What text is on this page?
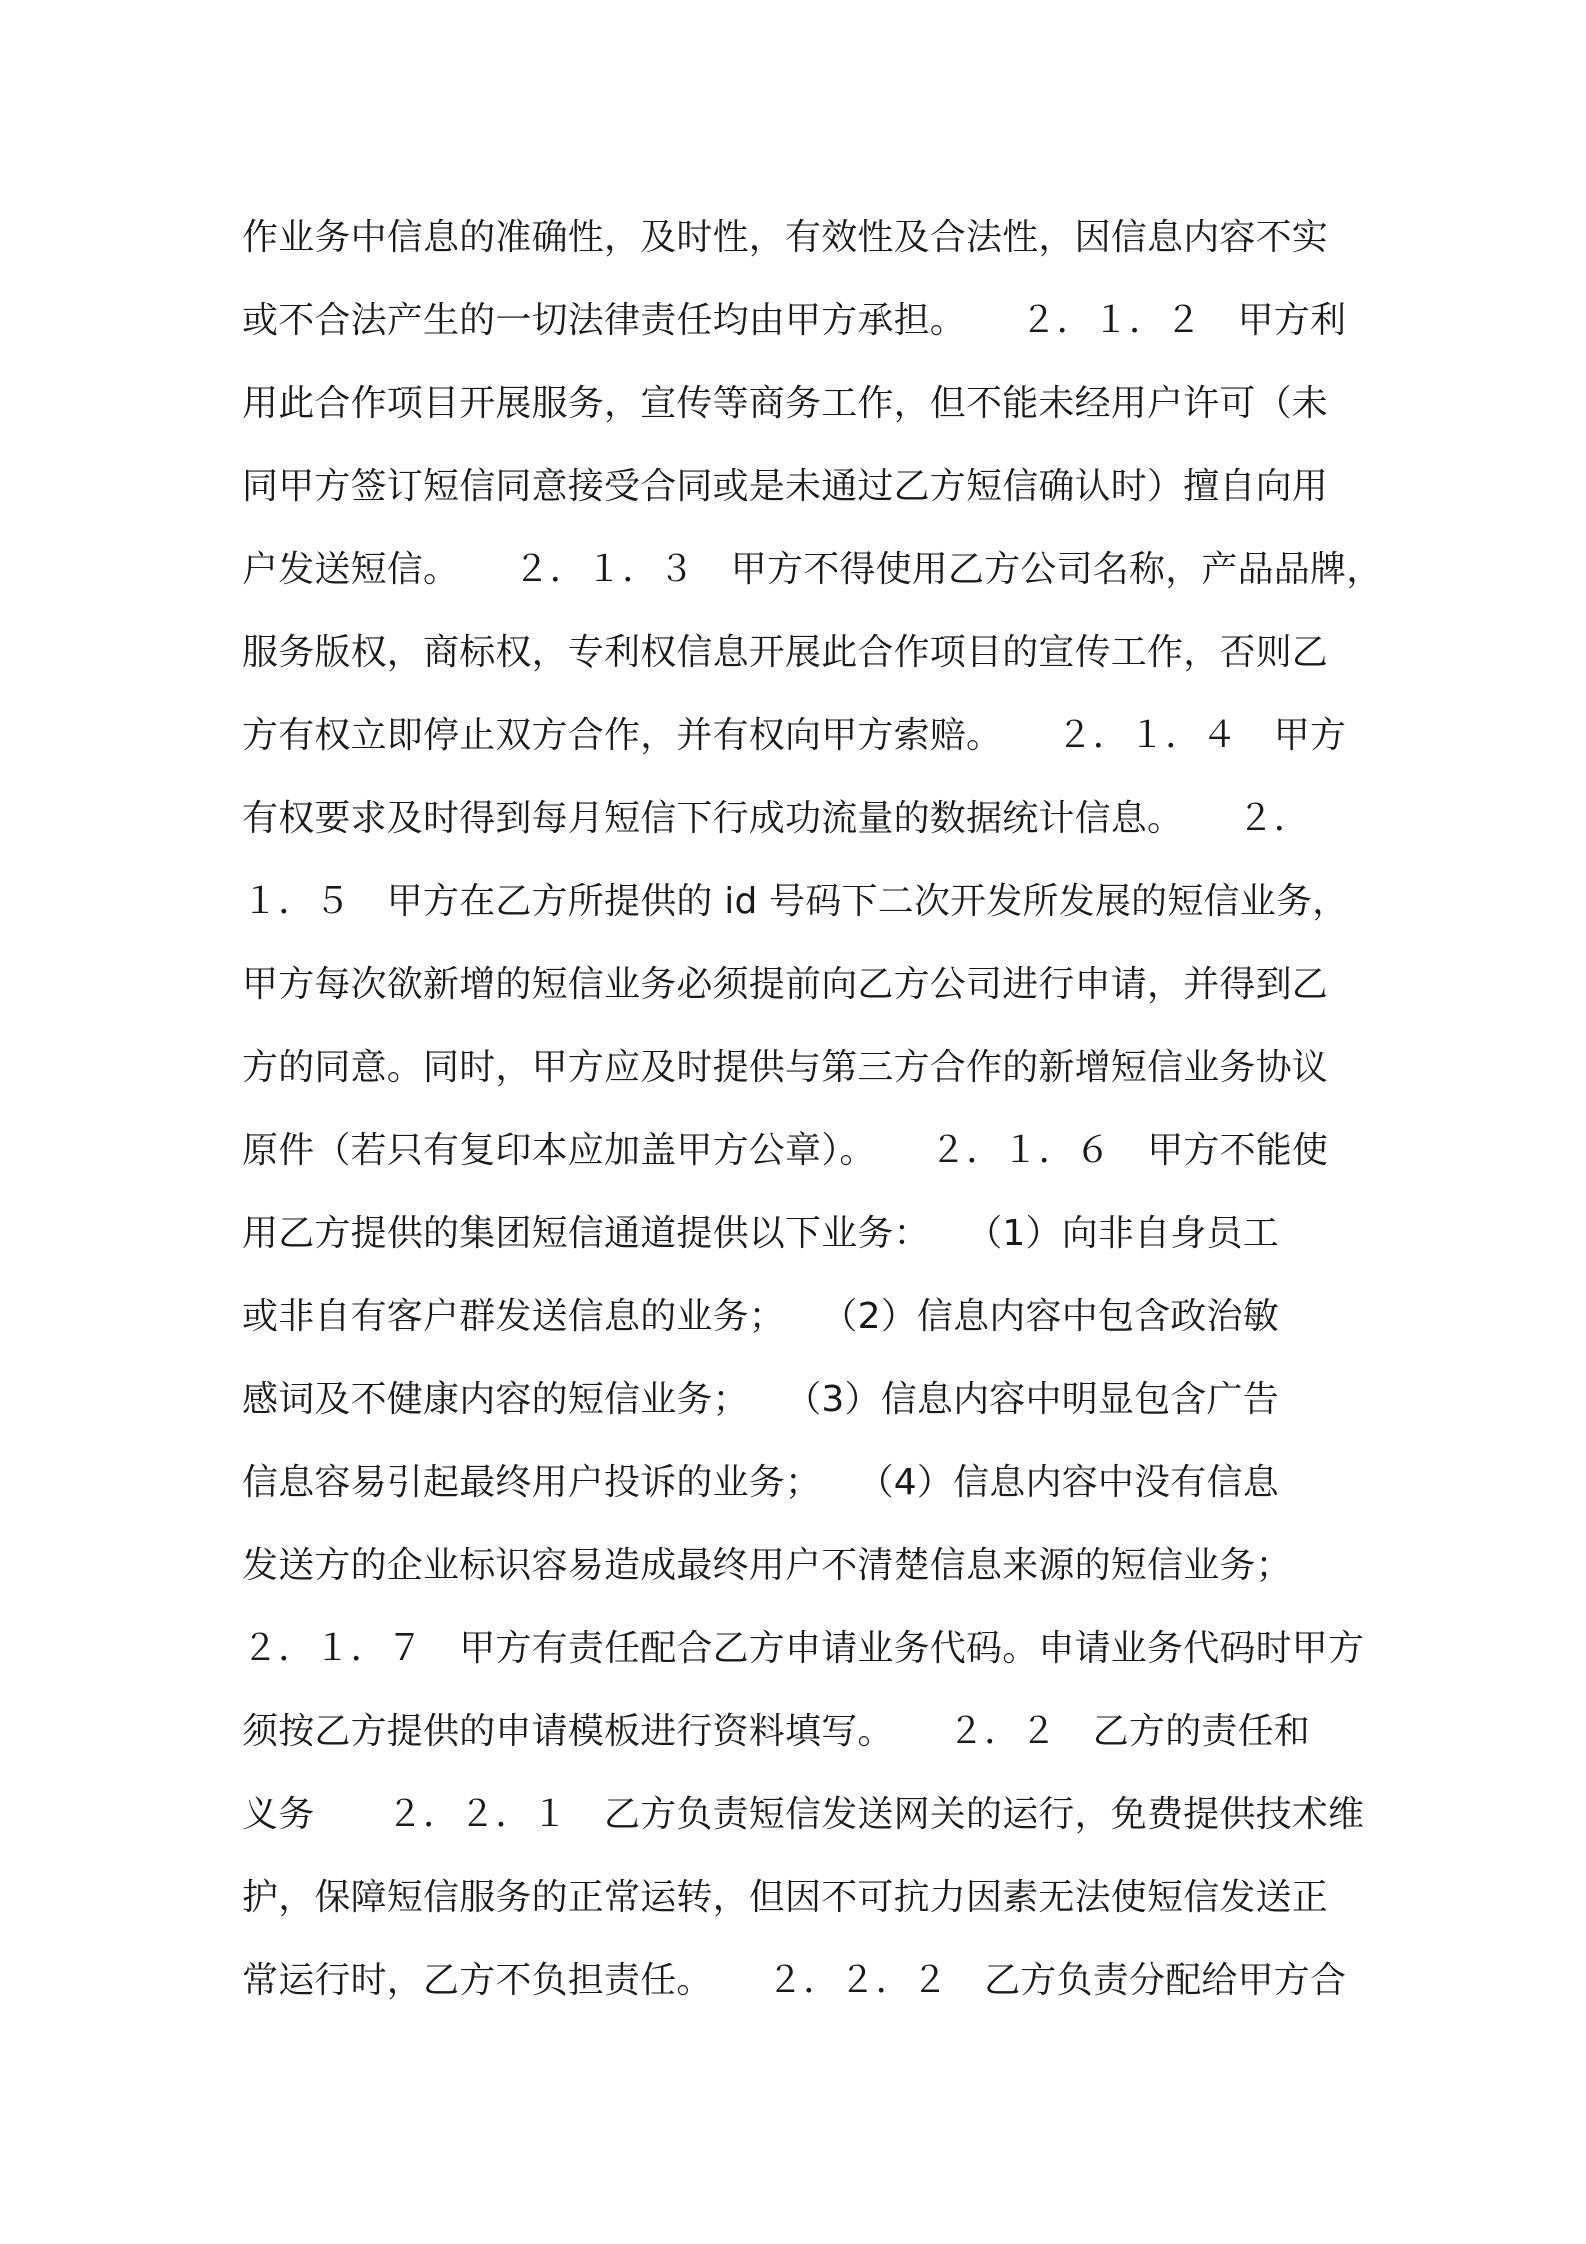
作业务中信息的准确性，及时性，有效性及合法性，因信息内容不实
或不合法产生的一切法律责任均由甲方承担。　　２．１．２　甲方利
用此合作项目开展服务，宣传等商务工作，但不能未经用户许可（未
同甲方签订短信同意接受合同或是未通过乙方短信确认时）擅自向用
户发送短信。　　２．１．３　甲方不得使用乙方公司名称，产品品牌，
服务版权，商标权，专利权信息开展此合作项目的宣传工作，否则乙
方有权立即停止双方合作，并有权向甲方索赔。　　２．１．４　甲方
有权要求及时得到每月短信下行成功流量的数据统计信息。　　２．
１．５　甲方在乙方所提供的 id 号码下二次开发所发展的短信业务，
甲方每次欲新增的短信业务必须提前向乙方公司进行申请，并得到乙
方的同意。同时，甲方应及时提供与第三方合作的新增短信业务协议
原件（若只有复印本应加盖甲方公章）。　　２．１．６　甲方不能使
用乙方提供的集团短信通道提供以下业务：　　（1）向非自身员工
或非自有客户群发送信息的业务；　　（2）信息内容中包含政治敏
感词及不健康内容的短信业务；　　（3）信息内容中明显包含广告
信息容易引起最终用户投诉的业务；　　（4）信息内容中没有信息
发送方的企业标识容易造成最终用户不清楚信息来源的短信业务；
２．１．７　甲方有责任配合乙方申请业务代码。申请业务代码时甲方
须按乙方提供的申请模板进行资料填写。　　２．２　乙方的责任和
义务　　２．２．１　乙方负责短信发送网关的运行，免费提供技术维
护，保障短信服务的正常运转，但因不可抗力因素无法使短信发送正
常运行时，乙方不负担责任。　　２．２．２　乙方负责分配给甲方合
